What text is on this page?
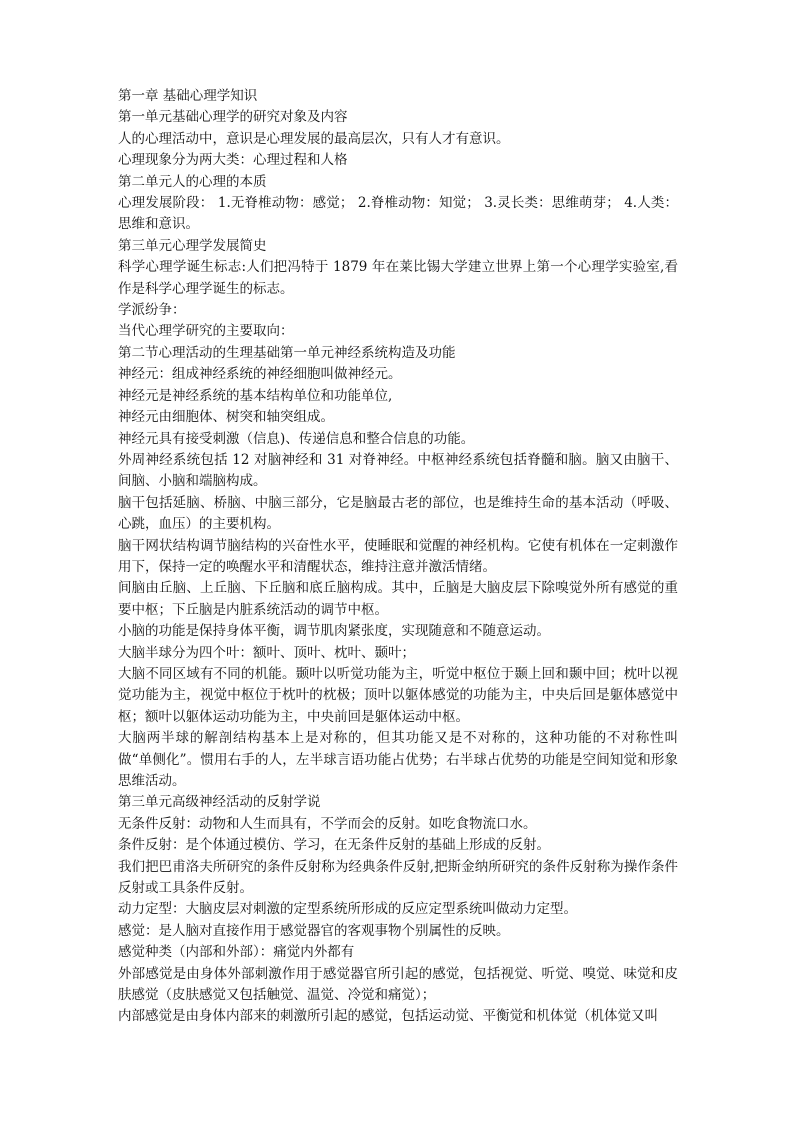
第一章 基础心理学知识

第一单元基础心理学的研究对象及内容

人的心理活动中，意识是心理发展的最高层次，只有人才有意识。

心理现象分为两大类：心理过程和人格

第二单元人的心理的本质

心理发展阶段： 1.无脊椎动物：感觉； 2.脊椎动物：知觉； 3.灵长类：思维萌芽； 4.人类：思维和意识。

第三单元心理学发展简史

科学心理学诞生标志:人们把冯特于 1879 年在莱比锡大学建立世界上第一个心理学实验室,看作是科学心理学诞生的标志。

学派纷争：

当代心理学研究的主要取向：

第二节心理活动的生理基础第一单元神经系统构造及功能

神经元：组成神经系统的神经细胞叫做神经元。

神经元是神经系统的基本结构单位和功能单位,

神经元由细胞体、树突和轴突组成。

神经元具有接受刺激（信息)、传递信息和整合信息的功能。

外周神经系统包括 12 对脑神经和 31 对脊神经。中枢神经系统包括脊髓和脑。脑又由脑干、间脑、小脑和端脑构成。

脑干包括延脑、桥脑、中脑三部分，它是脑最古老的部位，也是维持生命的基本活动（呼吸、心跳，血压）的主要机构。

脑干网状结构调节脑结构的兴奋性水平，使睡眠和觉醒的神经机构。它使有机体在一定刺激作用下，保持一定的唤醒水平和清醒状态，维持注意并激活情绪。

间脑由丘脑、上丘脑、下丘脑和底丘脑构成。其中，丘脑是大脑皮层下除嗅觉外所有感觉的重要中枢；下丘脑是内脏系统活动的调节中枢。

小脑的功能是保持身体平衡，调节肌肉紧张度，实现随意和不随意运动。

大脑半球分为四个叶：额叶、顶叶、枕叶、颞叶；

大脑不同区域有不同的机能。颞叶以听觉功能为主，听觉中枢位于颞上回和颞中回；枕叶以视觉功能为主，视觉中枢位于枕叶的枕极；顶叶以躯体感觉的功能为主，中央后回是躯体感觉中枢；额叶以躯体运动功能为主，中央前回是躯体运动中枢。

大脑两半球的解剖结构基本上是对称的，但其功能又是不对称的，这种功能的不对称性叫做“单侧化”。惯用右手的人，左半球言语功能占优势；右半球占优势的功能是空间知觉和形象思维活动。

第三单元高级神经活动的反射学说

无条件反射：动物和人生而具有，不学而会的反射。如吃食物流口水。

条件反射：是个体通过模仿、学习，在无条件反射的基础上形成的反射。

我们把巴甫洛夫所研究的条件反射称为经典条件反射,把斯金纳所研究的条件反射称为操作条件反射或工具条件反射。

动力定型：大脑皮层对刺激的定型系统所形成的反应定型系统叫做动力定型。

感觉：是人脑对直接作用于感觉器官的客观事物个别属性的反映。

感觉种类（内部和外部）：痛觉内外都有

外部感觉是由身体外部刺激作用于感觉器官所引起的感觉，包括视觉、听觉、嗅觉、味觉和皮肤感觉（皮肤感觉又包括触觉、温觉、冷觉和痛觉）；

内部感觉是由身体内部来的刺激所引起的感觉，包括运动觉、平衡觉和机体觉（机体觉又叫
